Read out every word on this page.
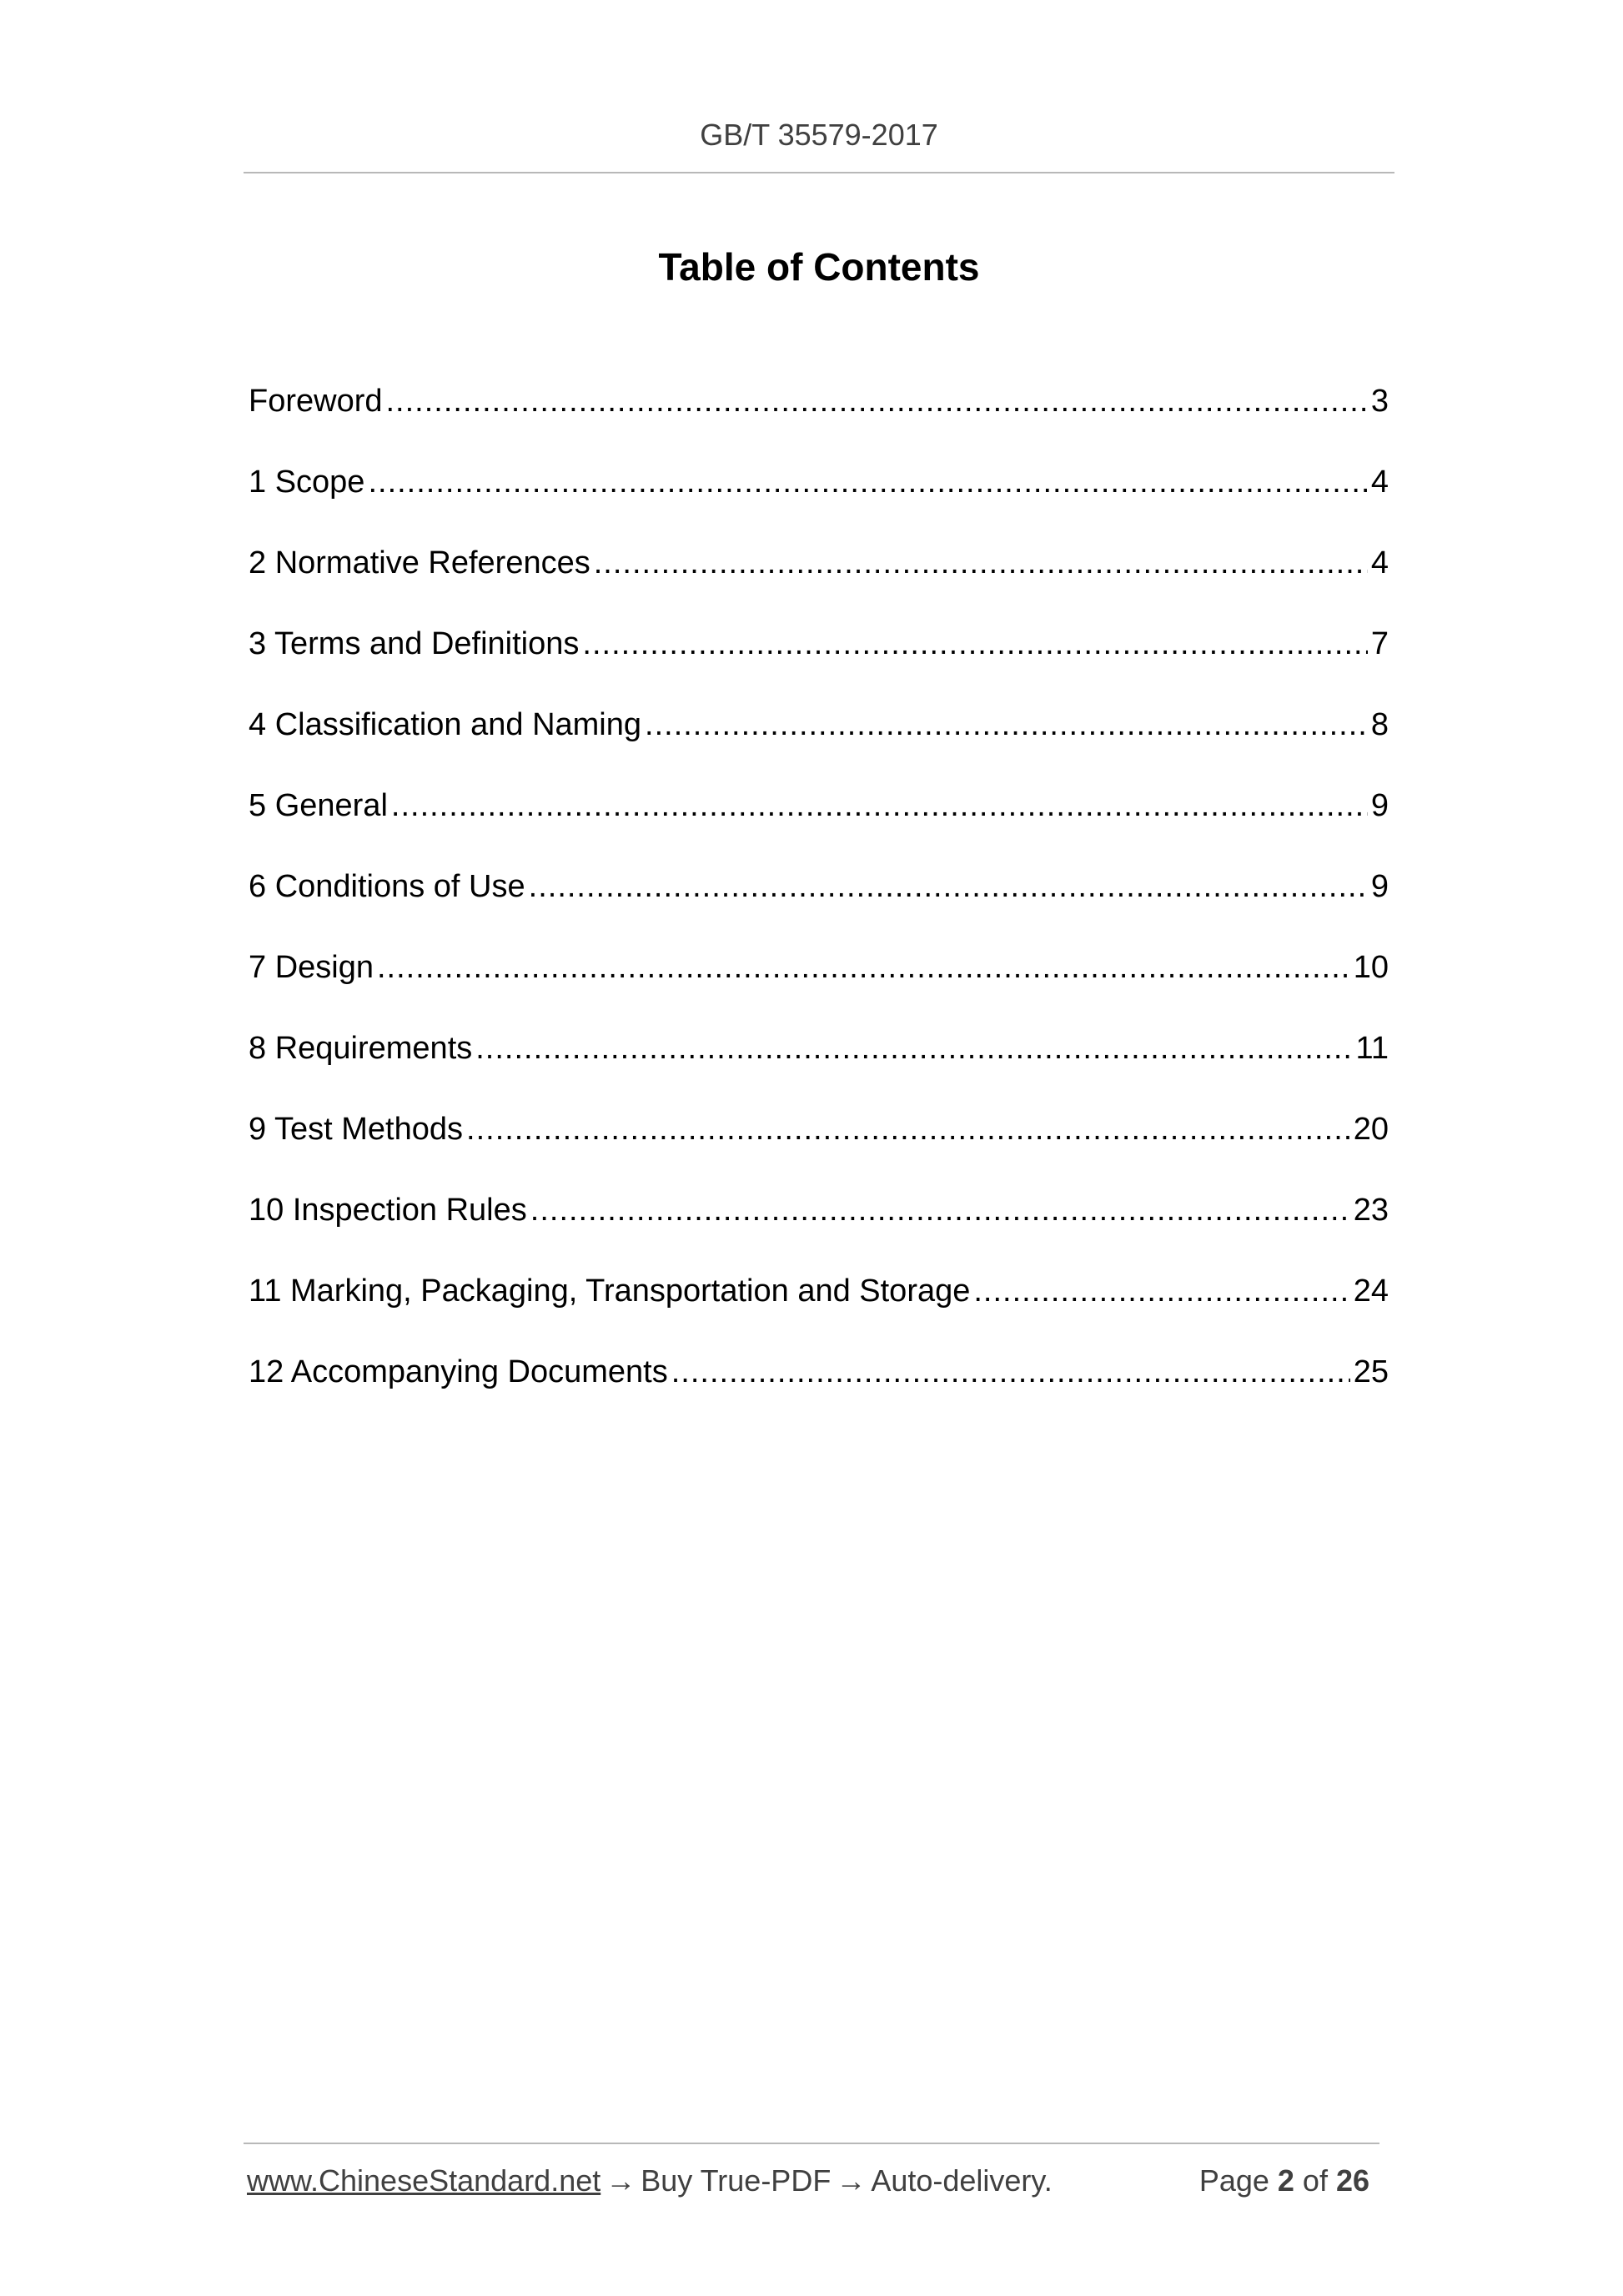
GB/T 35579-2017
Table of Contents
Foreword .....	3
1 Scope .....	4
2 Normative References .....	4
3 Terms and Definitions .....	7
4 Classification and Naming .....	8
5 General .....	9
6 Conditions of Use .....	9
7 Design .....	10
8 Requirements .....	11
9 Test Methods .....	20
10 Inspection Rules .....	23
11 Marking, Packaging, Transportation and Storage .....	24
12 Accompanying Documents .....	25
www.ChineseStandard.net → Buy True-PDF → Auto-delivery.	Page 2 of 26
